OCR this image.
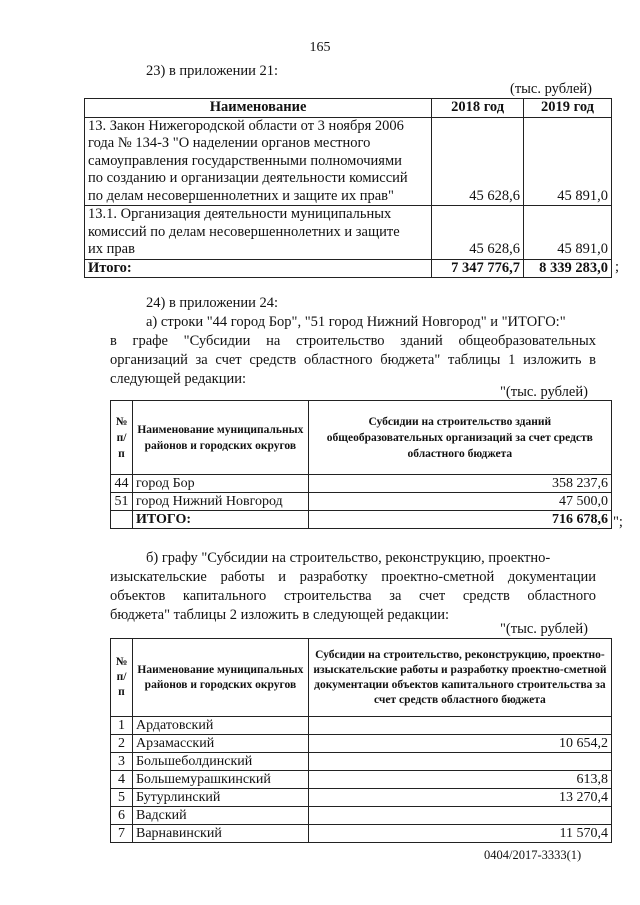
165
23) в приложении 21:
(тыс. рублей)
Наименование	2018 год	2019 год

13. Закон Нижегородской области от 3 ноября 2006
года № 134-З "О наделении органов местного
самоуправления государственными полномочиями
по созданию и организации деятельности комиссий
по делам несовершеннолетних и защите их прав"	45 628,6	45 891,0

13.1. Организация деятельности муниципальных
комиссий по делам несовершеннолетних и защите
их прав	45 628,6	45 891,0
Итого:	7 347 776,7	8 339 283,0 ;
24) в приложении 24:
а) строки "44 город Бор", "51 город Нижний Новгород" и "ИТОГО:"
в графе "Субсидии на строительство зданий общеобразовательных
организаций за счет средств областного бюджета" таблицы 1 изложить в
следующей редакции:
"(тыс. рублей)
№ п/п	Наименование муниципальных районов и городских округов	Субсидии на строительство зданий общеобразовательных организаций за счет средств областного бюджета
44	город Бор	358 237,6
51	город Нижний Новгород	47 500,0
	ИТОГО:	716 678,6 ";
б) графу "Субсидии на строительство, реконструкцию, проектно-
изыскательские работы и разработку проектно-сметной документации
объектов капитального строительства за счет средств областного
бюджета" таблицы 2 изложить в следующей редакции:
"(тыс. рублей)
№ п/п	Наименование муниципальных районов и городских округов	Субсидии на строительство, реконструкцию, проектно-изыскательские работы и разработку проектно-сметной документации объектов капитального строительства за счет средств областного бюджета
1	Ардатовский	
2	Арзамасский	10 654,2
3	Большеболдинский	
4	Большемурашкинский	613,8
5	Бутурлинский	13 270,4
6	Вадский	
7	Варнавинский	11 570,4
0404/2017-3333(1)
